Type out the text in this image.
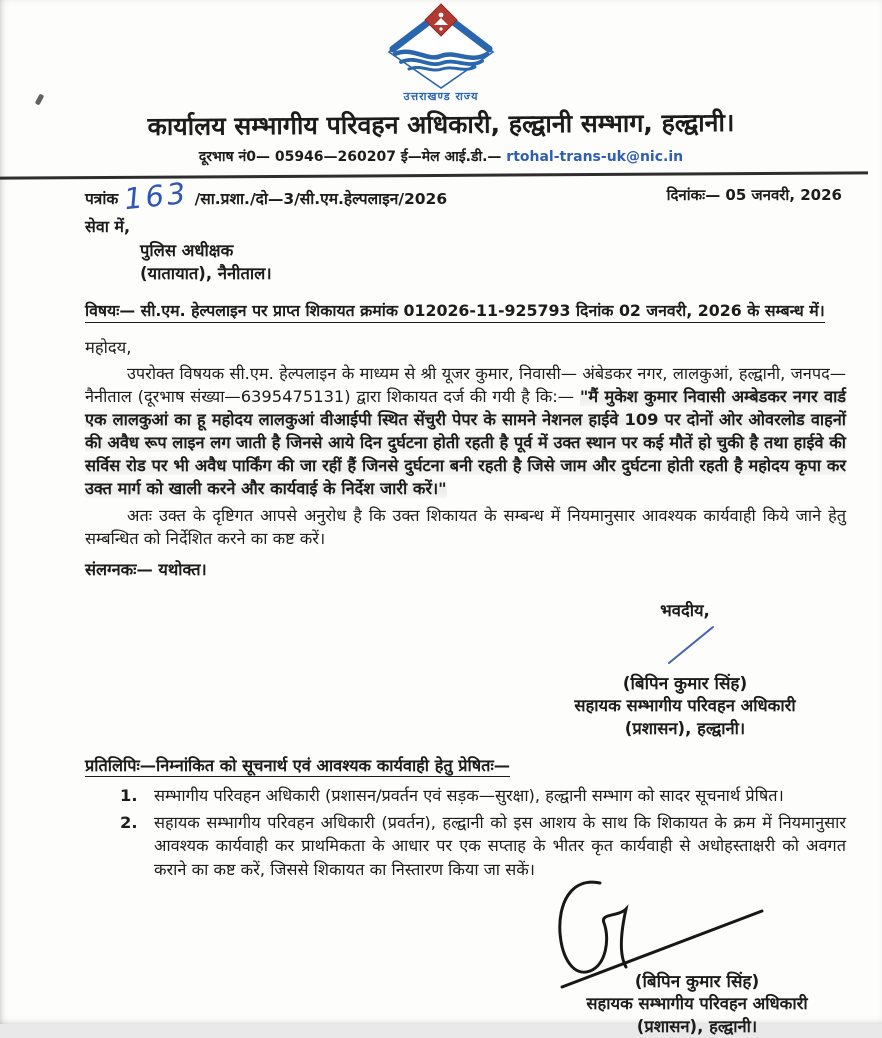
उत्तराखण्ड राज्य
कार्यालय सम्भागीय परिवहन अधिकारी, हल्द्वानी सम्भाग, हल्द्वानी।
दूरभाष नं0— 05946—260207 ई—मेल आई.डी.— rtohal-trans-uk@nic.in
पत्रांक 163 /सा.प्रशा./दो—3/सी.एम.हेल्पलाइन/2026	दिनांकः— 05 जनवरी, 2026
सेवा में,
पुलिस अधीक्षक
(यातायात), नैनीताल।
विषयः— सी.एम. हेल्पलाइन पर प्राप्त शिकायत क्रमांक 012026-11-925793 दिनांक 02 जनवरी, 2026 के सम्बन्ध में।
महोदय,
उपरोक्त विषयक सी.एम. हेल्पलाइन के माध्यम से श्री यूजर कुमार, निवासी— अंबेडकर नगर, लालकुआं, हल्द्वानी, जनपद— नैनीताल (दूरभाष संख्या—6395475131) द्वारा शिकायत दर्ज की गयी है कि:— "मैं मुकेश कुमार निवासी अम्बेडकर नगर वार्ड एक लालकुआं का हू महोदय लालकुआं वीआईपी स्थित सेंचुरी पेपर के सामने नेशनल हाईवे 109 पर दोनों ओर ओवरलोड वाहनों की अवैध रूप लाइन लग जाती है जिनसे आये दिन दुर्घटना होती रहती है पूर्व में उक्त स्थान पर कई मौतें हो चुकी है तथा हाईवे की सर्विस रोड पर भी अवैध पार्किंग की जा रहीं हैं जिनसे दुर्घटना बनी रहती है जिसे जाम और दुर्घटना होती रहती है महोदय कृपा कर उक्त मार्ग को खाली करने और कार्यवाई के निर्देश जारी करें।"
अतः उक्त के दृष्टिगत आपसे अनुरोध है कि उक्त शिकायत के सम्बन्ध में नियमानुसार आवश्यक कार्यवाही किये जाने हेतु सम्बन्धित को निर्देशित करने का कष्ट करें।
संलग्नकः— यथोक्त।
भवदीय,
(बिपिन कुमार सिंह)
सहायक सम्भागीय परिवहन अधिकारी
(प्रशासन), हल्द्वानी।
प्रतिलिपिः—निम्नांकित को सूचनार्थ एवं आवश्यक कार्यवाही हेतु प्रेषितः—
1.	सम्भागीय परिवहन अधिकारी (प्रशासन/प्रवर्तन एवं सड़क—सुरक्षा), हल्द्वानी सम्भाग को सादर सूचनार्थ प्रेषित।
2.	सहायक सम्भागीय परिवहन अधिकारी (प्रवर्तन), हल्द्वानी को इस आशय के साथ कि शिकायत के क्रम में नियमानुसार आवश्यक कार्यवाही कर प्राथमिकता के आधार पर एक सप्ताह के भीतर कृत कार्यवाही से अधोहस्ताक्षरी को अवगत कराने का कष्ट करें, जिससे शिकायत का निस्तारण किया जा सकें।
(बिपिन कुमार सिंह)
सहायक सम्भागीय परिवहन अधिकारी
(प्रशासन), हल्द्वानी।
